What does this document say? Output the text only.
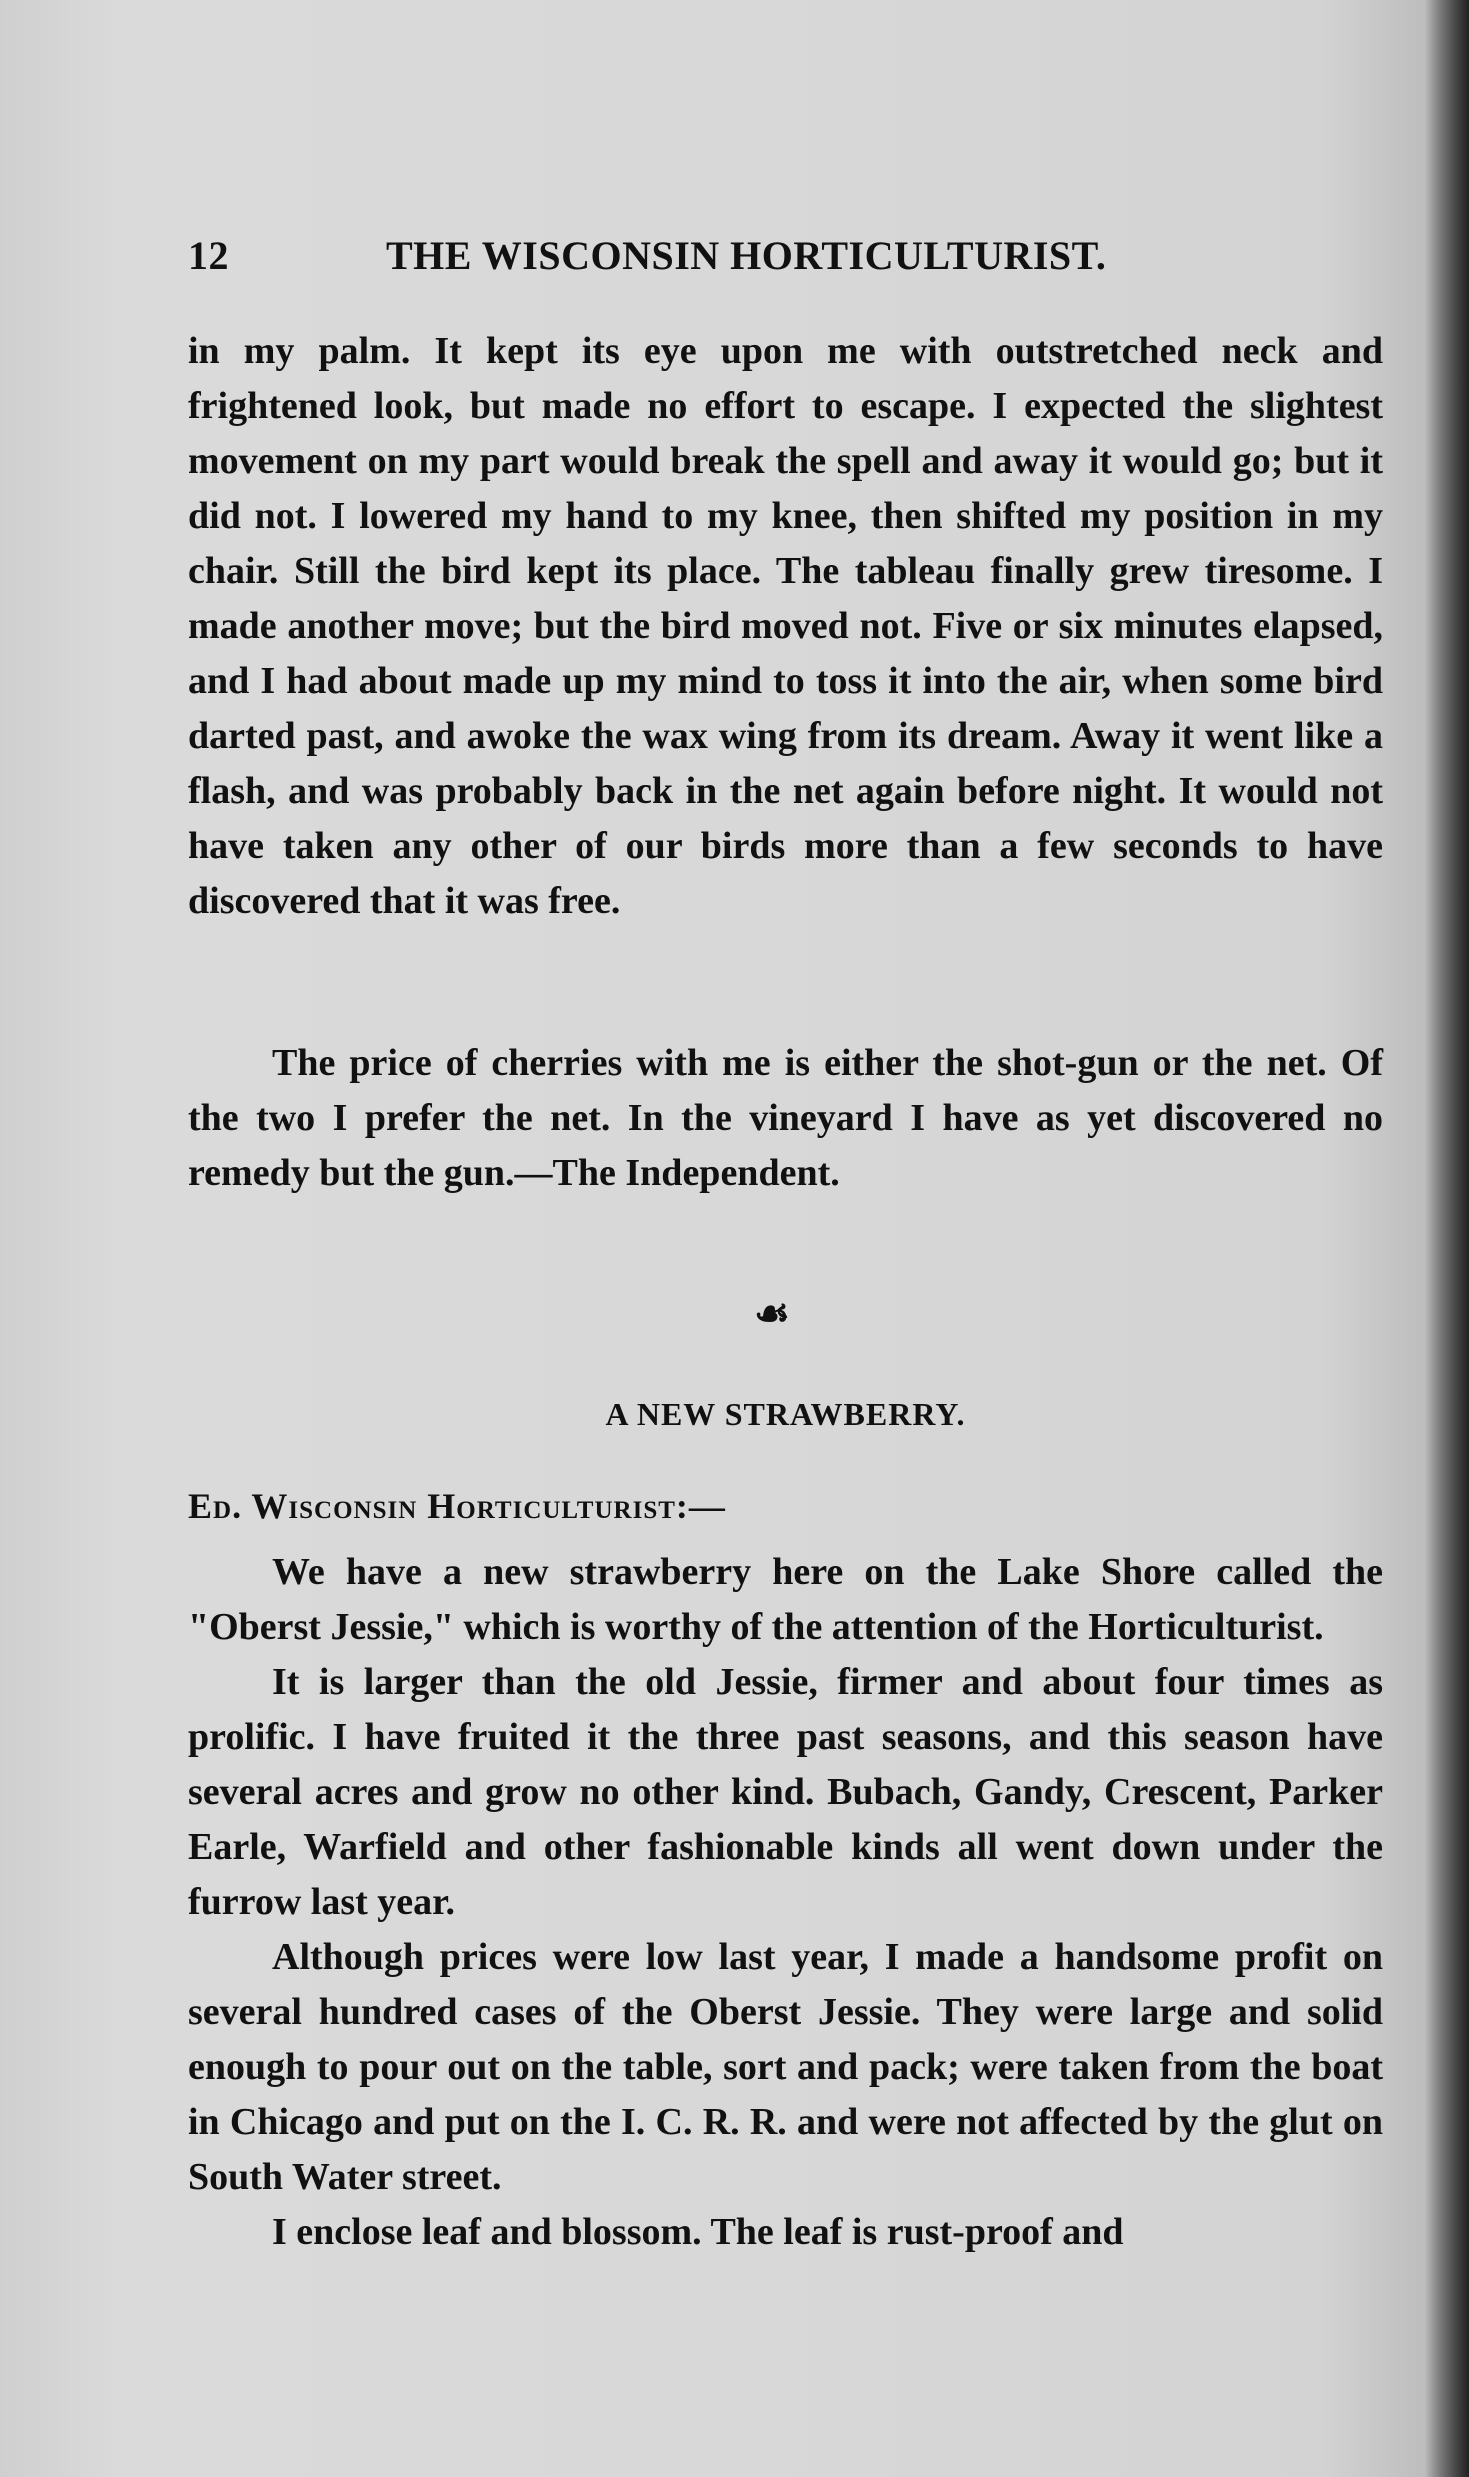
12	THE WISCONSIN HORTICULTURIST.

in my palm. It kept its eye upon me with outstretched neck and frightened look, but made no effort to escape. I expected the slightest movement on my part would break the spell and away it would go; but it did not. I lowered my hand to my knee, then shifted my position in my chair. Still the bird kept its place. The tableau finally grew tiresome. I made another move; but the bird moved not. Five or six minutes elapsed, and I had about made up my mind to toss it into the air, when some bird darted past, and awoke the wax wing from its dream. Away it went like a flash, and was probably back in the net again before night. It would not have taken any other of our birds more than a few seconds to have discovered that it was free.

The price of cherries with me is either the shot-gun or the net. Of the two I prefer the net. In the vineyard I have as yet discovered no remedy but the gun.—The Independent.

☙
A NEW STRAWBERRY.
Ed. Wisconsin Horticulturist:—

We have a new strawberry here on the Lake Shore called the "Oberst Jessie," which is worthy of the attention of the Horticulturist.

It is larger than the old Jessie, firmer and about four times as prolific. I have fruited it the three past seasons, and this season have several acres and grow no other kind. Bubach, Gandy, Crescent, Parker Earle, Warfield and other fashionable kinds all went down under the furrow last year.

Although prices were low last year, I made a handsome profit on several hundred cases of the Oberst Jessie. They were large and solid enough to pour out on the table, sort and pack; were taken from the boat in Chicago and put on the I. C. R. R. and were not affected by the glut on South Water street.

I enclose leaf and blossom. The leaf is rust-proof and
